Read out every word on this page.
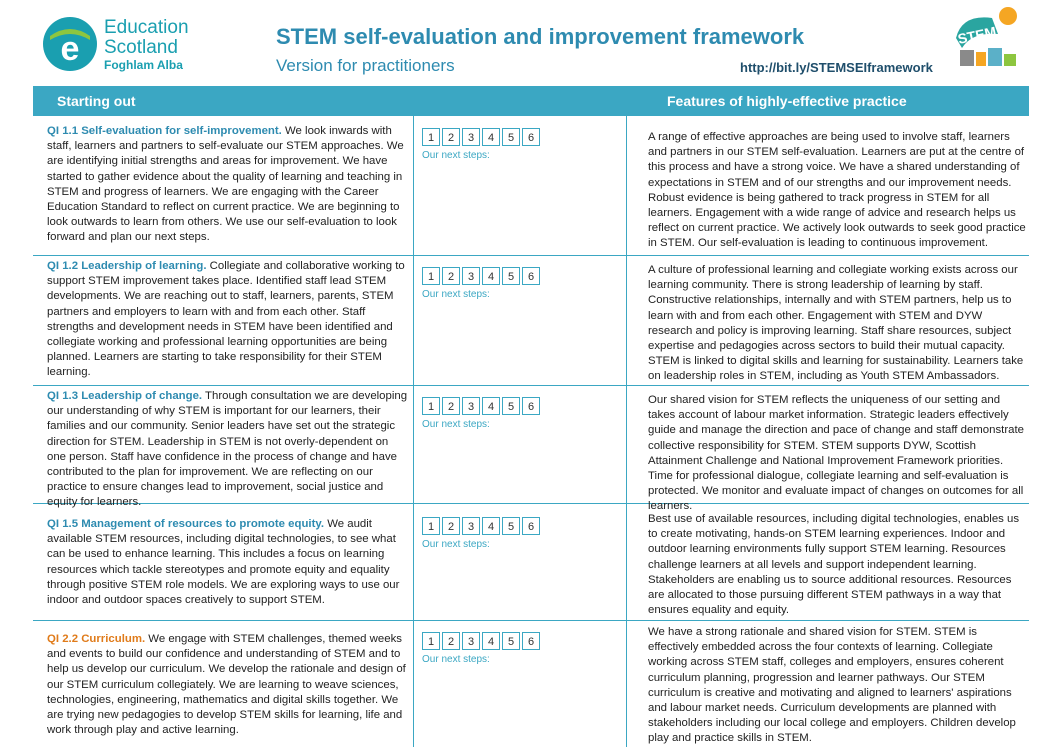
e
Education
Scotland
Foghlam Alba
STEM self-evaluation and improvement framework
Version for practitioners	http://bit.ly/STEMSEIframework
STEM
Starting out	Features of highly-effective practice
QI 1.1 Self-evaluation for self-improvement. We look inwards with staff, learners and partners to self-evaluate our STEM approaches. We are identifying initial strengths and areas for improvement. We have started to gather evidence about the quality of learning and teaching in STEM and progress of learners. We are engaging with the Career Education Standard to reflect on current practice. We are beginning to look outwards to learn from others. We use our self-evaluation to look forward and plan our next steps.
1	2	3	4	5	6
Our next steps:
A range of effective approaches are being used to involve staff, learners and partners in our STEM self-evaluation. Learners are put at the centre of this process and have a strong voice. We have a shared understanding of expectations in STEM and of our strengths and our improvement needs. Robust evidence is being gathered to track progress in STEM for all learners. Engagement with a wide range of advice and research helps us reflect on current practice. We actively look outwards to seek good practice in STEM. Our self-evaluation is leading to continuous improvement.
QI 1.2 Leadership of learning. Collegiate and collaborative working to support STEM improvement takes place. Identified staff lead STEM developments. We are reaching out to staff, learners, parents, STEM partners and employers to learn with and from each other. Staff strengths and development needs in STEM have been identified and collegiate working and professional learning opportunities are being planned. Learners are starting to take responsibility for their STEM learning.
1	2	3	4	5	6
Our next steps:
A culture of professional learning and collegiate working exists across our learning community. There is strong leadership of learning by staff. Constructive relationships, internally and with STEM partners, help us to learn with and from each other. Engagement with STEM and DYW research and policy is improving learning. Staff share resources, subject expertise and pedagogies across sectors to build their mutual capacity. STEM is linked to digital skills and learning for sustainability. Learners take on leadership roles in STEM, including as Youth STEM Ambassadors.
QI 1.3 Leadership of change. Through consultation we are developing our understanding of why STEM is important for our learners, their families and our community. Senior leaders have set out the strategic direction for STEM. Leadership in STEM is not overly-dependent on one person. Staff have confidence in the process of change and have contributed to the plan for improvement. We are reflecting on our practice to ensure changes lead to improvement, social justice and equity for learners.
1	2	3	4	5	6
Our next steps:
Our shared vision for STEM reflects the uniqueness of our setting and takes account of labour market information. Strategic leaders effectively guide and manage the direction and pace of change and staff demonstrate collective responsibility for STEM. STEM supports DYW, Scottish Attainment Challenge and National Improvement Framework priorities. Time for professional dialogue, collegiate learning and self-evaluation is protected. We monitor and evaluate impact of changes on outcomes for all learners.
QI 1.5 Management of resources to promote equity. We audit available STEM resources, including digital technologies, to see what can be used to enhance learning. This includes a focus on learning resources which tackle stereotypes and promote equity and equality through positive STEM role models. We are exploring ways to use our indoor and outdoor spaces creatively to support STEM.
1	2	3	4	5	6
Our next steps:
Best use of available resources, including digital technologies, enables us to create motivating, hands-on STEM learning experiences. Indoor and outdoor learning environments fully support STEM learning. Resources challenge learners at all levels and support independent learning. Stakeholders are enabling us to source additional resources. Resources are allocated to those pursuing different STEM pathways in a way that ensures equality and equity.
QI 2.2 Curriculum. We engage with STEM challenges, themed weeks and events to build our confidence and understanding of STEM and to help us develop our curriculum. We develop the rationale and design of our STEM curriculum collegiately. We are learning to weave sciences, technologies, engineering, mathematics and digital skills together. We are trying new pedagogies to develop STEM skills for learning, life and work through play and active learning.
1	2	3	4	5	6
Our next steps:
We have a strong rationale and shared vision for STEM. STEM is effectively embedded across the four contexts of learning. Collegiate working across STEM staff, colleges and employers, ensures coherent curriculum planning, progression and learner pathways. Our STEM curriculum is creative and motivating and aligned to learners' aspirations and labour market needs. Curriculum developments are planned with stakeholders including our local college and employers. Children develop play and practice skills in STEM.
